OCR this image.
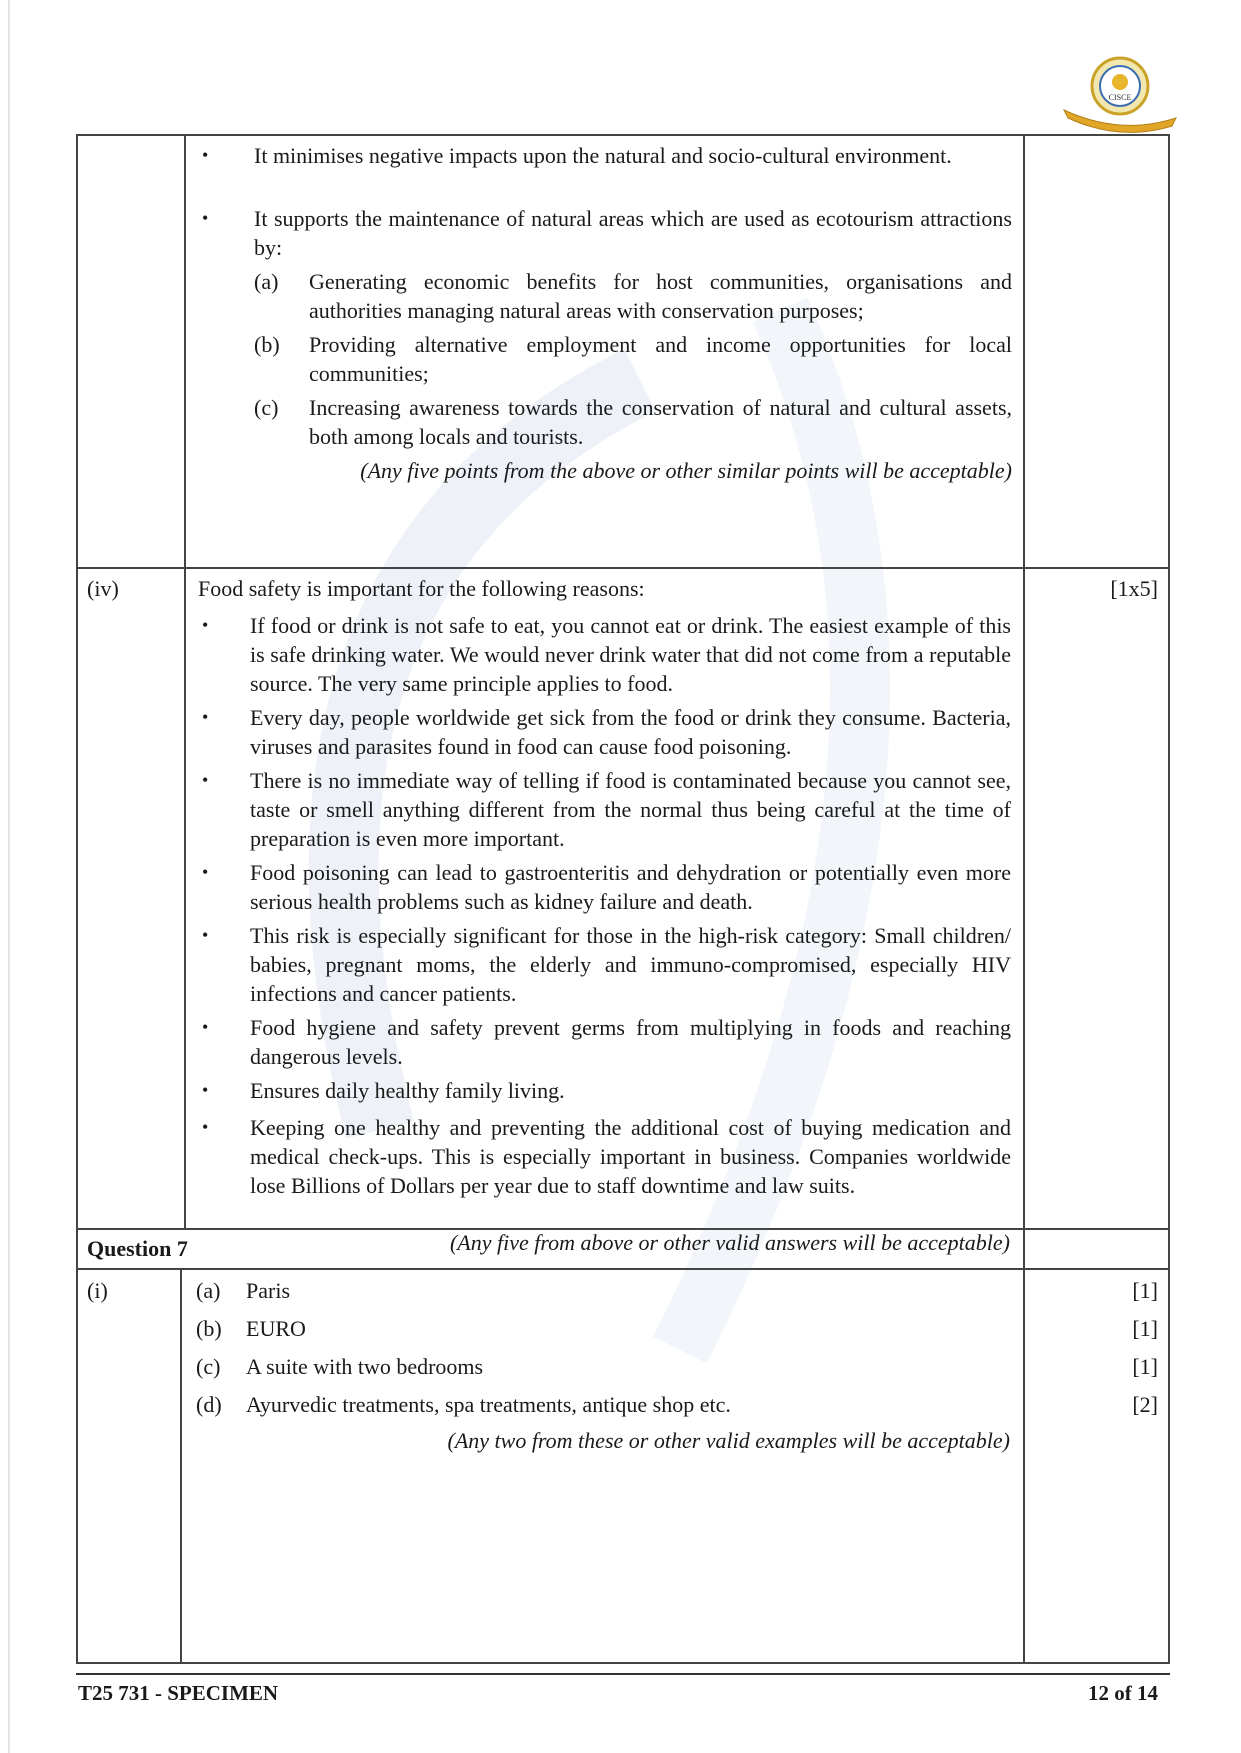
CISCE
• It minimises negative impacts upon the natural and socio-cultural environment.
• It supports the maintenance of natural areas which are used as ecotourism attractions by:
(a) Generating economic benefits for host communities, organisations and authorities managing natural areas with conservation purposes;
(b) Providing alternative employment and income opportunities for local communities;
(c) Increasing awareness towards the conservation of natural and cultural assets, both among locals and tourists.
(Any five points from the above or other similar points will be acceptable)
(iv)	Food safety is important for the following reasons:	[1x5]
• If food or drink is not safe to eat, you cannot eat or drink. The easiest example of this is safe drinking water. We would never drink water that did not come from a reputable source. The very same principle applies to food.
• Every day, people worldwide get sick from the food or drink they consume. Bacteria, viruses and parasites found in food can cause food poisoning.
• There is no immediate way of telling if food is contaminated because you cannot see, taste or smell anything different from the normal thus being careful at the time of preparation is even more important.
• Food poisoning can lead to gastroenteritis and dehydration or potentially even more serious health problems such as kidney failure and death.
• This risk is especially significant for those in the high-risk category: Small children/ babies, pregnant moms, the elderly and immuno-compromised, especially HIV infections and cancer patients.
• Food hygiene and safety prevent germs from multiplying in foods and reaching dangerous levels.
• Ensures daily healthy family living.
• Keeping one healthy and preventing the additional cost of buying medication and medical check-ups. This is especially important in business. Companies worldwide lose Billions of Dollars per year due to staff downtime and law suits.
(Any five from above or other valid answers will be acceptable)
Question 7
(i)	(a) Paris	[1]
(b) EURO	[1]
(c) A suite with two bedrooms	[1]
(d) Ayurvedic treatments, spa treatments, antique shop etc.	[2]
(Any two from these or other valid examples will be acceptable)
T25 731 - SPECIMEN	12 of 14
